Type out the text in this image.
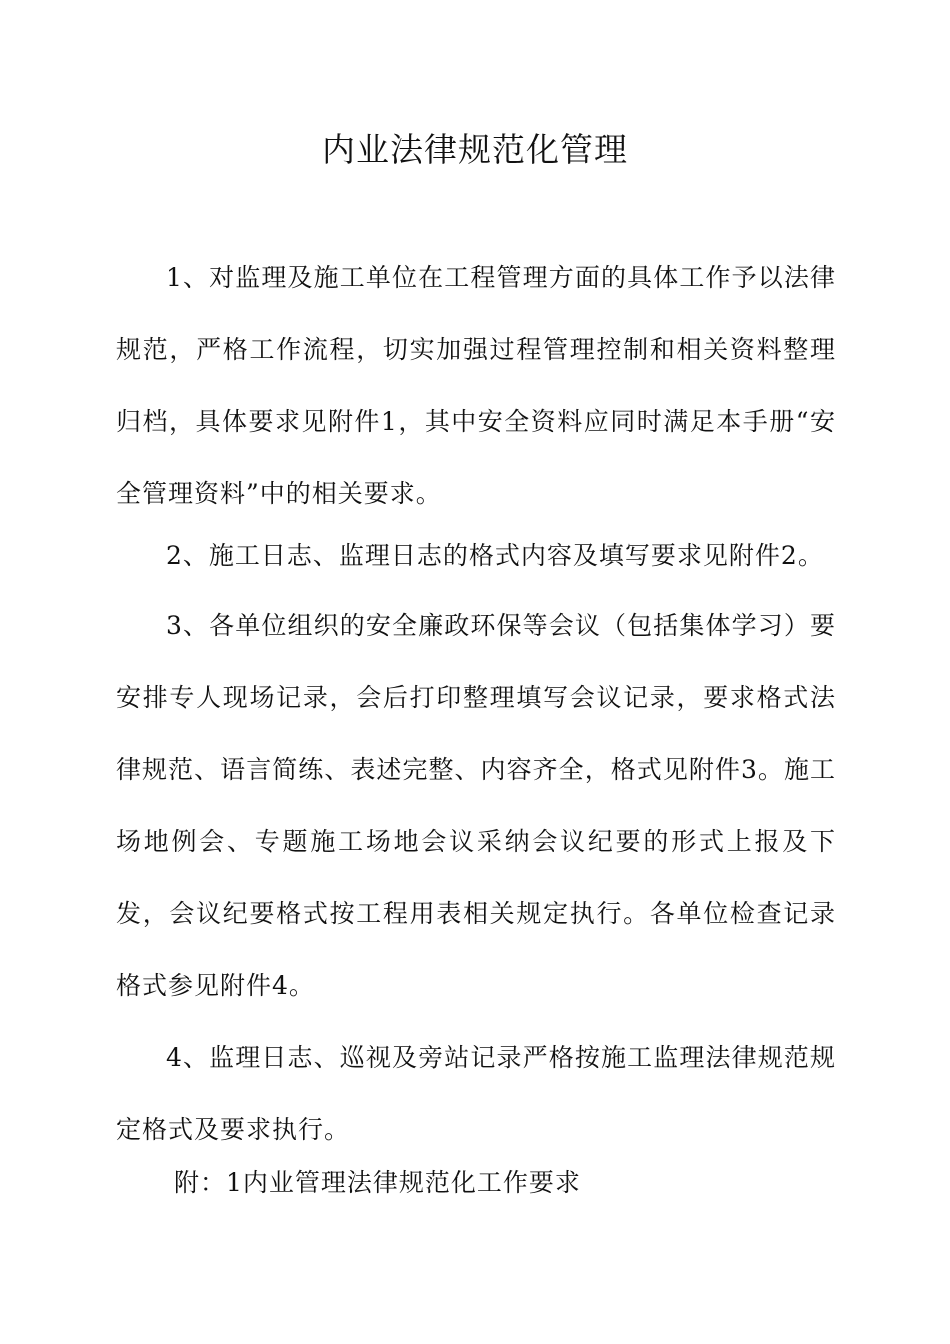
内业法律规范化管理

1、对监理及施工单位在工程管理方面的具体工作予以法律规范，严格工作流程，切实加强过程管理控制和相关资料整理归档，具体要求见附件1，其中安全资料应同时满足本手册“安全管理资料”中的相关要求。

2、施工日志、监理日志的格式内容及填写要求见附件2。

3、各单位组织的安全廉政环保等会议（包括集体学习）要安排专人现场记录，会后打印整理填写会议记录，要求格式法律规范、语言简练、表述完整、内容齐全，格式见附件3。施工场地例会、专题施工场地会议采纳会议纪要的形式上报及下发，会议纪要格式按工程用表相关规定执行。各单位检查记录格式参见附件4。

4、监理日志、巡视及旁站记录严格按施工监理法律规范规定格式及要求执行。

附：1内业管理法律规范化工作要求
